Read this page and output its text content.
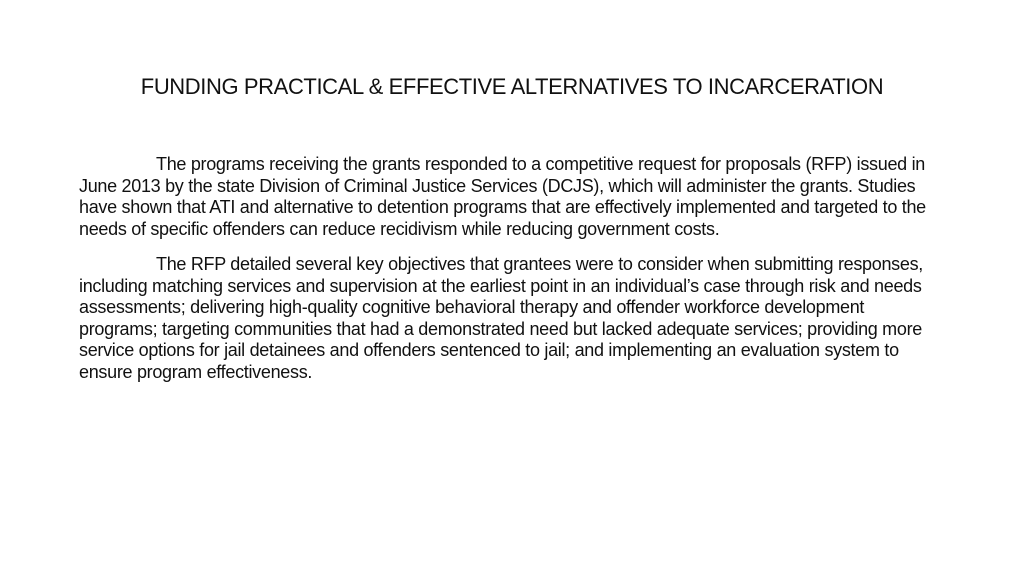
FUNDING PRACTICAL & EFFECTIVE ALTERNATIVES TO INCARCERATION

The programs receiving the grants responded to a competitive request for proposals (RFP) issued in June 2013 by the state Division of Criminal Justice Services (DCJS), which will administer the grants. Studies have shown that ATI and alternative to detention programs that are effectively implemented and targeted to the needs of specific offenders can reduce recidivism while reducing government costs.

The RFP detailed several key objectives that grantees were to consider when submitting responses, including matching services and supervision at the earliest point in an individual’s case through risk and needs assessments; delivering high-quality cognitive behavioral therapy and offender workforce development programs; targeting communities that had a demonstrated need but lacked adequate services; providing more service options for jail detainees and offenders sentenced to jail; and implementing an evaluation system to ensure program effectiveness.
